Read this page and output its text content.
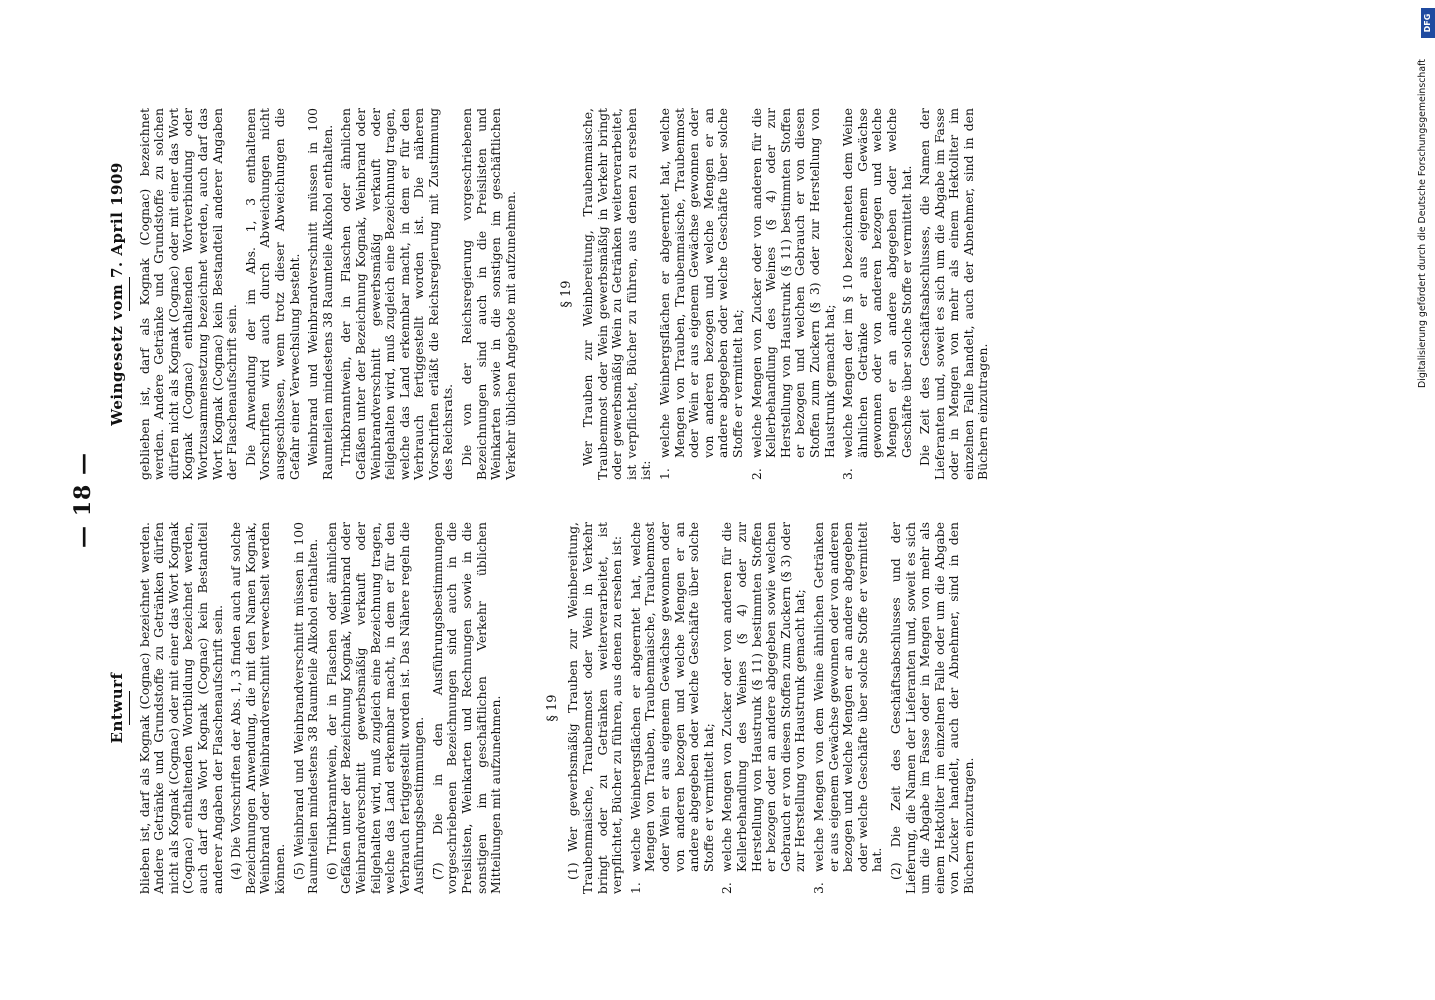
— 18 —
Entwurf blieben ist, darf als Kognak (Cognac) bezeichnet werden. Andere Getränke und Grundstoffe zu Getränken dürfen nicht als Kognak (Cognac) oder mit einer das Wort Kognak (Cognac) enthaltenden Wortbildung bezeichnet werden, auch darf das Wort Kognak (Cognac) kein Bestandteil anderer Angaben der Flaschenaufschrift sein. (4) Die Vorschriften der Abs. 1, 3 finden auch auf solche Bezeichnungen Anwendung, die mit den Namen Kognak, Weinbrand oder Weinbrandverschnitt verwechselt werden können. (5) Weinbrand und Weinbrandverschnitt müssen in 100 Raumteilen mindestens 38 Raumteile Alkohol enthalten. (6) Trinkbranntwein, der in Flaschen oder ähnlichen Gefäßen unter der Bezeichnung Kognak, Weinbrand oder Weinbrandverschnitt gewerbsmäßig verkauft oder feilgehalten wird, muß zugleich eine Bezeichnung tragen, welche das Land erkennbar macht, in dem er für den Verbrauch fertiggestellt worden ist. Das Nähere regeln die Ausführungsbestimmungen. (7) Die in den Ausführungsbestimmungen vorgeschriebenen Bezeichnungen sind auch in die Preislisten, Weinkarten und Rechnungen sowie in die sonstigen im geschäftlichen Verkehr üblichen Mitteilungen mit aufzunehmen.	§ 19 (1) Wer gewerbsmäßig Trauben zur Weinbereitung, Traubenmaische, Traubenmost oder Wein in Verkehr bringt oder zu Getränken weiterverarbeitet, ist verpflichtet, Bücher zu führen, aus denen zu ersehen ist: 1.
welche Weinbergsflächen er abgeerntet hat, welche Mengen von Trauben, Traubenmaische, Traubenmost oder Wein er aus eigenem Gewächse gewonnen oder von anderen bezogen und welche Mengen er an andere abgegeben oder welche Geschäfte über solche Stoffe er vermittelt hat;
2.
welche Mengen von Zucker oder von anderen für die Kellerbehandlung des Weines (§ 4) oder zur Herstellung von Haustrunk (§ 11) bestimmten Stoffen er bezogen oder an andere abgegeben sowie welchen Gebrauch er von diesen Stoffen zum Zuckern (§ 3) oder zur Herstellung von Haustrunk gemacht hat;
3.
welche Mengen von dem Weine ähnlichen Getränken er aus eigenem Gewächse gewonnen oder von anderen bezogen und welche Mengen er an andere abgegeben oder welche Geschäfte über solche Stoffe er vermittelt hat. (2) Die Zeit des Geschäftsabschlusses und der Lieferung, die Namen der Lieferanten und, soweit es sich um die Abgabe im Fasse oder in Mengen von mehr als einem Hektoliter im einzelnen Falle oder um die Abgabe von Zucker handelt, auch der Abnehmer, sind in den Büchern einzutragen.

Weingesetz vom 7. April 1909 geblieben ist, darf als Kognak (Cognac) bezeichnet werden. Andere Getränke und Grundstoffe zu solchen dürfen nicht als Kognak (Cognac) oder mit einer das Wort Kognak (Cognac) enthaltenden Wortverbindung oder Wortzusammensetzung bezeichnet werden, auch darf das Wort Kognak (Cognac) kein Bestandteil anderer Angaben der Flaschenaufschrift sein. Die Anwendung der im Abs. 1, 3 enthaltenen Vorschriften wird auch durch Abweichungen nicht ausgeschlossen, wenn trotz dieser Abweichungen die Gefahr einer Verwechslung besteht. Weinbrand und Weinbrandverschnitt müssen in 100 Raumteilen mindestens 38 Raumteile Alkohol enthalten. Trinkbranntwein, der in Flaschen oder ähnlichen Gefäßen unter der Bezeichnung Kognak, Weinbrand oder Weinbrandverschnitt gewerbsmäßig verkauft oder feilgehalten wird, muß zugleich eine Bezeichnung tragen, welche das Land erkennbar macht, in dem er für den Verbrauch fertiggestellt worden ist. Die näheren Vorschriften erläßt die Reichsregierung mit Zustimmung des Reichsrats. Die von der Reichsregierung vorgeschriebenen Bezeichnungen sind auch in die Preislisten und Weinkarten sowie in die sonstigen im geschäftlichen Verkehr üblichen Angebote mit aufzunehmen.	§ 19 Wer Trauben zur Weinbereitung, Traubenmaische, Traubenmost oder Wein gewerbsmäßig in Verkehr bringt oder gewerbsmäßig Wein zu Getränken weiterverarbeitet, ist verpflichtet, Bücher zu führen, aus denen zu ersehen ist: 1.
welche Weinbergsflächen er abgeerntet hat, welche Mengen von Trauben, Traubenmaische, Traubenmost oder Wein er aus eigenem Gewächse gewonnen oder von anderen bezogen und welche Mengen er an andere abgegeben oder welche Geschäfte über solche Stoffe er vermittelt hat;
2.
welche Mengen von Zucker oder von anderen für die Kellerbehandlung des Weines (§ 4) oder zur Herstellung von Haustrunk (§ 11) bestimmten Stoffen er bezogen und welchen Gebrauch er von diesen Stoffen zum Zuckern (§ 3) oder zur Herstellung von Haustrunk gemacht hat;
3.
welche Mengen der im § 10 bezeichneten dem Weine ähnlichen Getränke er aus eigenem Gewächse gewonnen oder von anderen bezogen und welche Mengen er an andere abgegeben oder welche Geschäfte über solche Stoffe er vermittelt hat. Die Zeit des Geschäftsabschlusses, die Namen der Lieferanten und, soweit es sich um die Abgabe im Fasse oder in Mengen von mehr als einem Hektoliter im einzelnen Falle handelt, auch der Abnehmer, sind in den Büchern einzutragen.

Digitalisierung gefördert durch die Deutsche Forschungsgemeinschaft
DFG
